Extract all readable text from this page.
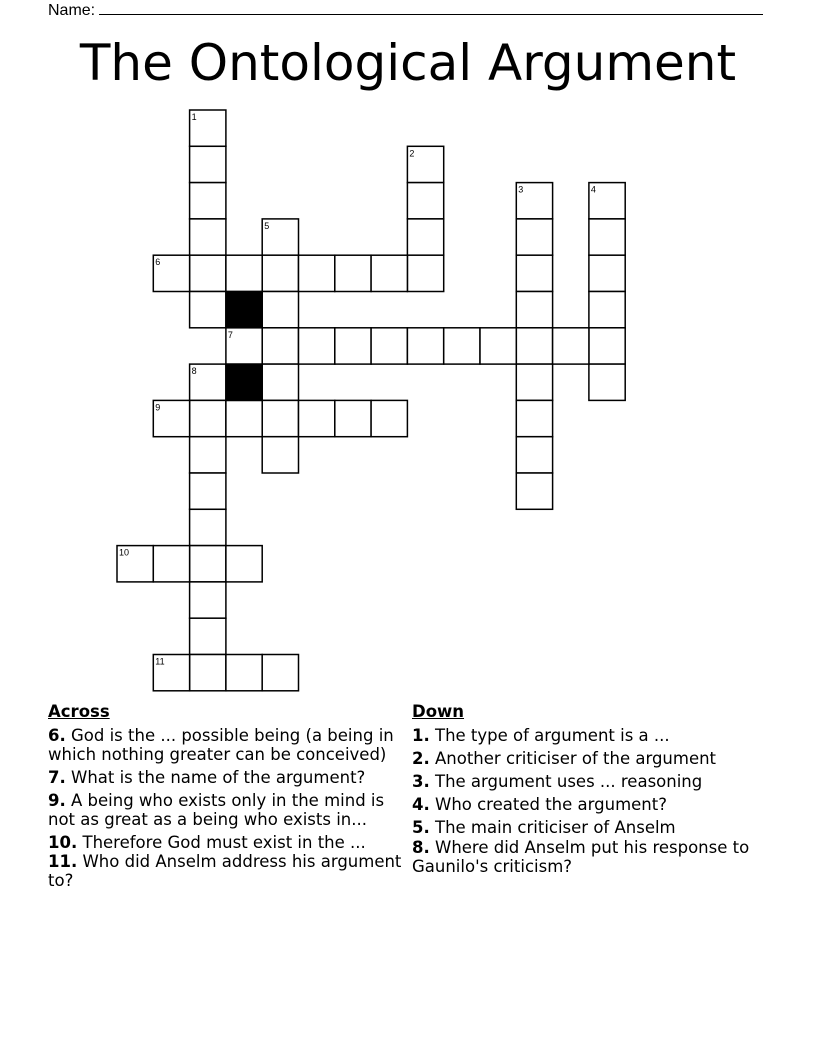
Name:
The Ontological Argument
1
2
3	4
5
6
7
8
9
10
11
Across
6. God is the ... possible being (a being in which nothing greater can be conceived)
7. What is the name of the argument?
9. A being who exists only in the mind is not as great as a being who exists in...
10. Therefore God must exist in the ...
11. Who did Anselm address his argument to?
Down
1. The type of argument is a ...
2. Another criticiser of the argument
3. The argument uses ... reasoning
4. Who created the argument?
5. The main criticiser of Anselm
8. Where did Anselm put his response to Gaunilo's criticism?
